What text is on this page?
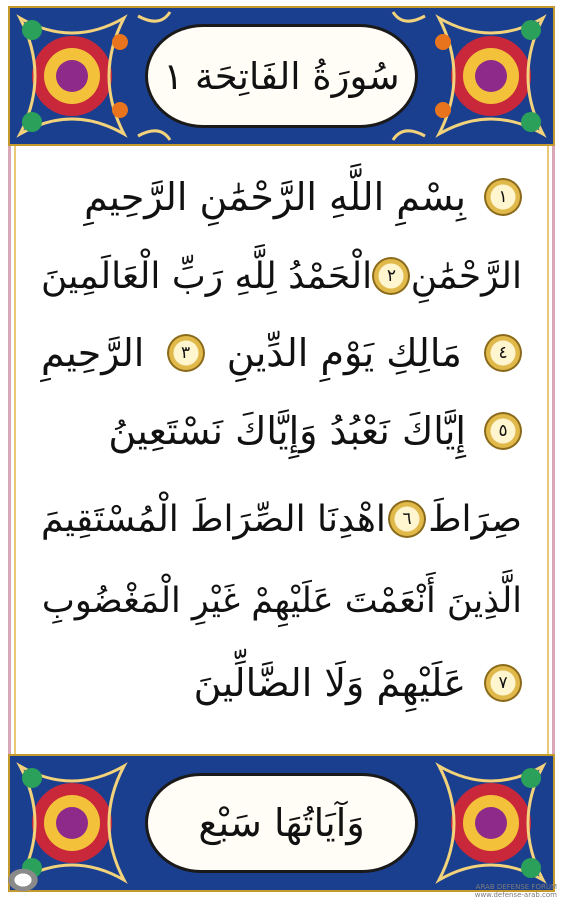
سُورَةُ الفَاتِحَة ١
١
بِسْمِ اللَّهِ الرَّحْمَٰنِ الرَّحِيمِ
الرَّحْمَٰنِ
٢
الْحَمْدُ لِلَّهِ رَبِّ الْعَالَمِينَ
٤
مَالِكِ يَوْمِ الدِّينِ
٣
الرَّحِيمِ
٥
إِيَّاكَ نَعْبُدُ وَإِيَّاكَ نَسْتَعِينُ
صِرَاطَ
٦
اهْدِنَا الصِّرَاطَ الْمُسْتَقِيمَ
الَّذِينَ أَنْعَمْتَ عَلَيْهِمْ غَيْرِ الْمَغْضُوبِ
٧
عَلَيْهِمْ وَلَا الضَّالِّينَ
وَآيَاتُهَا سَبْع
ARAB DEFENSE FORUM
www.defense-arab.com
